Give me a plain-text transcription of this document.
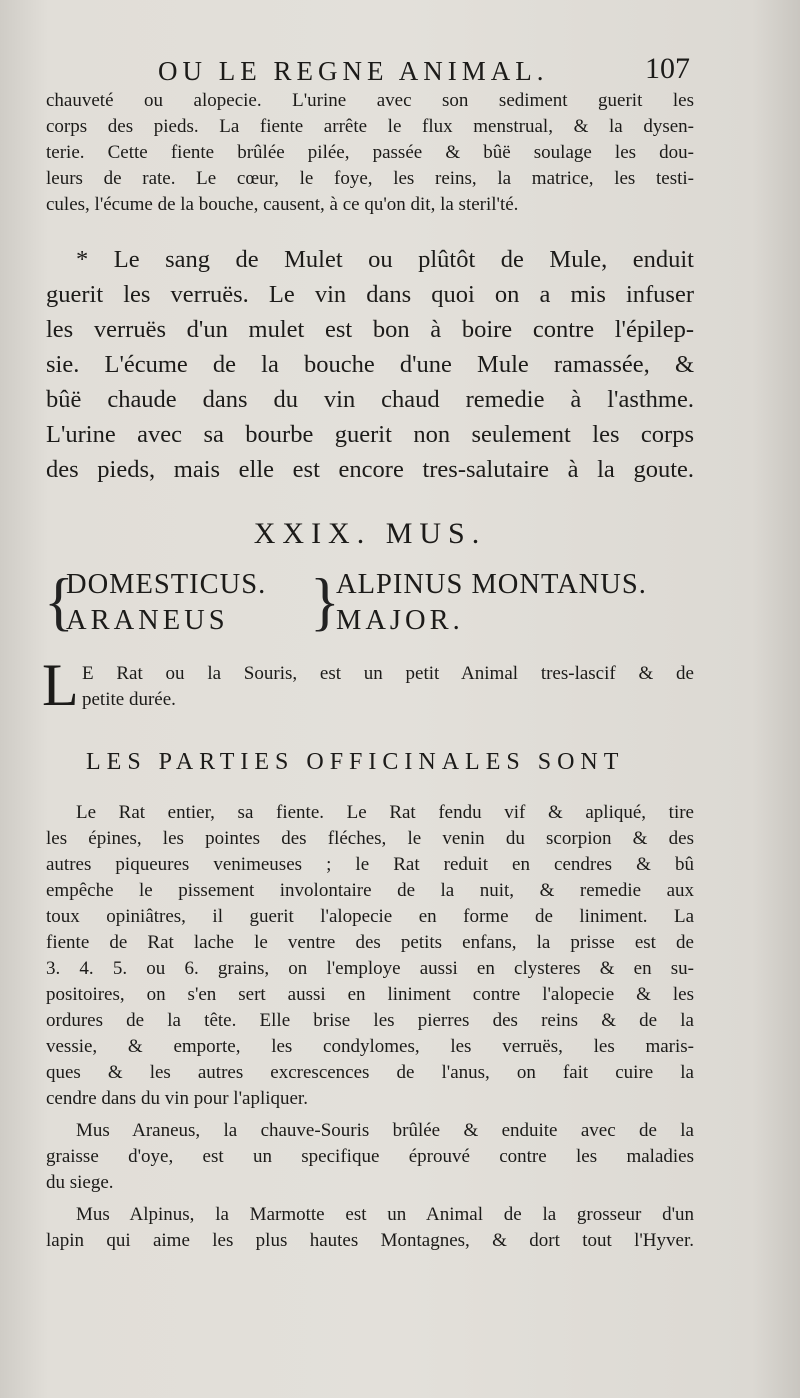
OU LE REGNE ANIMAL.	107
chauveté ou alopecie. L'urine avec son sediment guerit les
corps des pieds. La fiente arrête le flux menstrual, & la dysen-
terie. Cette fiente brûlée pilée, passée & bûë soulage les dou-
leurs de rate. Le cœur, le foye, les reins, la matrice, les testi-
cules, l'écume de la bouche, causent, à ce qu'on dit, la steril'té.
* Le sang de Mulet ou plûtôt de Mule, enduit
guerit les verruës. Le vin dans quoi on a mis infuser
les verruës d'un mulet est bon à boire contre l'épilep-
sie. L'écume de la bouche d'une Mule ramassée, &
bûë chaude dans du vin chaud remedie à l'asthme.
L'urine avec sa bourbe guerit non seulement les corps
des pieds, mais elle est encore tres-salutaire à la goute.
XXIX. MUS.
{
DOMESTICUS.
ARANEUS	}
ALPINUS MONTANUS.
MAJOR.
L E Rat ou la Souris, est un petit Animal tres-lascif & de
petite durée.
LES PARTIES OFFICINALES SONT
Le Rat entier, sa fiente. Le Rat fendu vif & apliqué, tire
les épines, les pointes des fléches, le venin du scorpion & des
autres piqueures venimeuses ; le Rat reduit en cendres & bû
empêche le pissement involontaire de la nuit, & remedie aux
toux opiniâtres, il guerit l'alopecie en forme de liniment. La
fiente de Rat lache le ventre des petits enfans, la prisse est de
3. 4. 5. ou 6. grains, on l'employe aussi en clysteres & en su-
positoires, on s'en sert aussi en liniment contre l'alopecie & les
ordures de la tête. Elle brise les pierres des reins & de la
vessie, & emporte, les condylomes, les verruës, les maris-
ques & les autres excrescences de l'anus, on fait cuire la
cendre dans du vin pour l'apliquer.
Mus Araneus, la chauve-Souris brûlée & enduite avec de la
graisse d'oye, est un specifique éprouvé contre les maladies
du siege.
Mus Alpinus, la Marmotte est un Animal de la grosseur d'un
lapin qui aime les plus hautes Montagnes, & dort tout l'Hyver.
